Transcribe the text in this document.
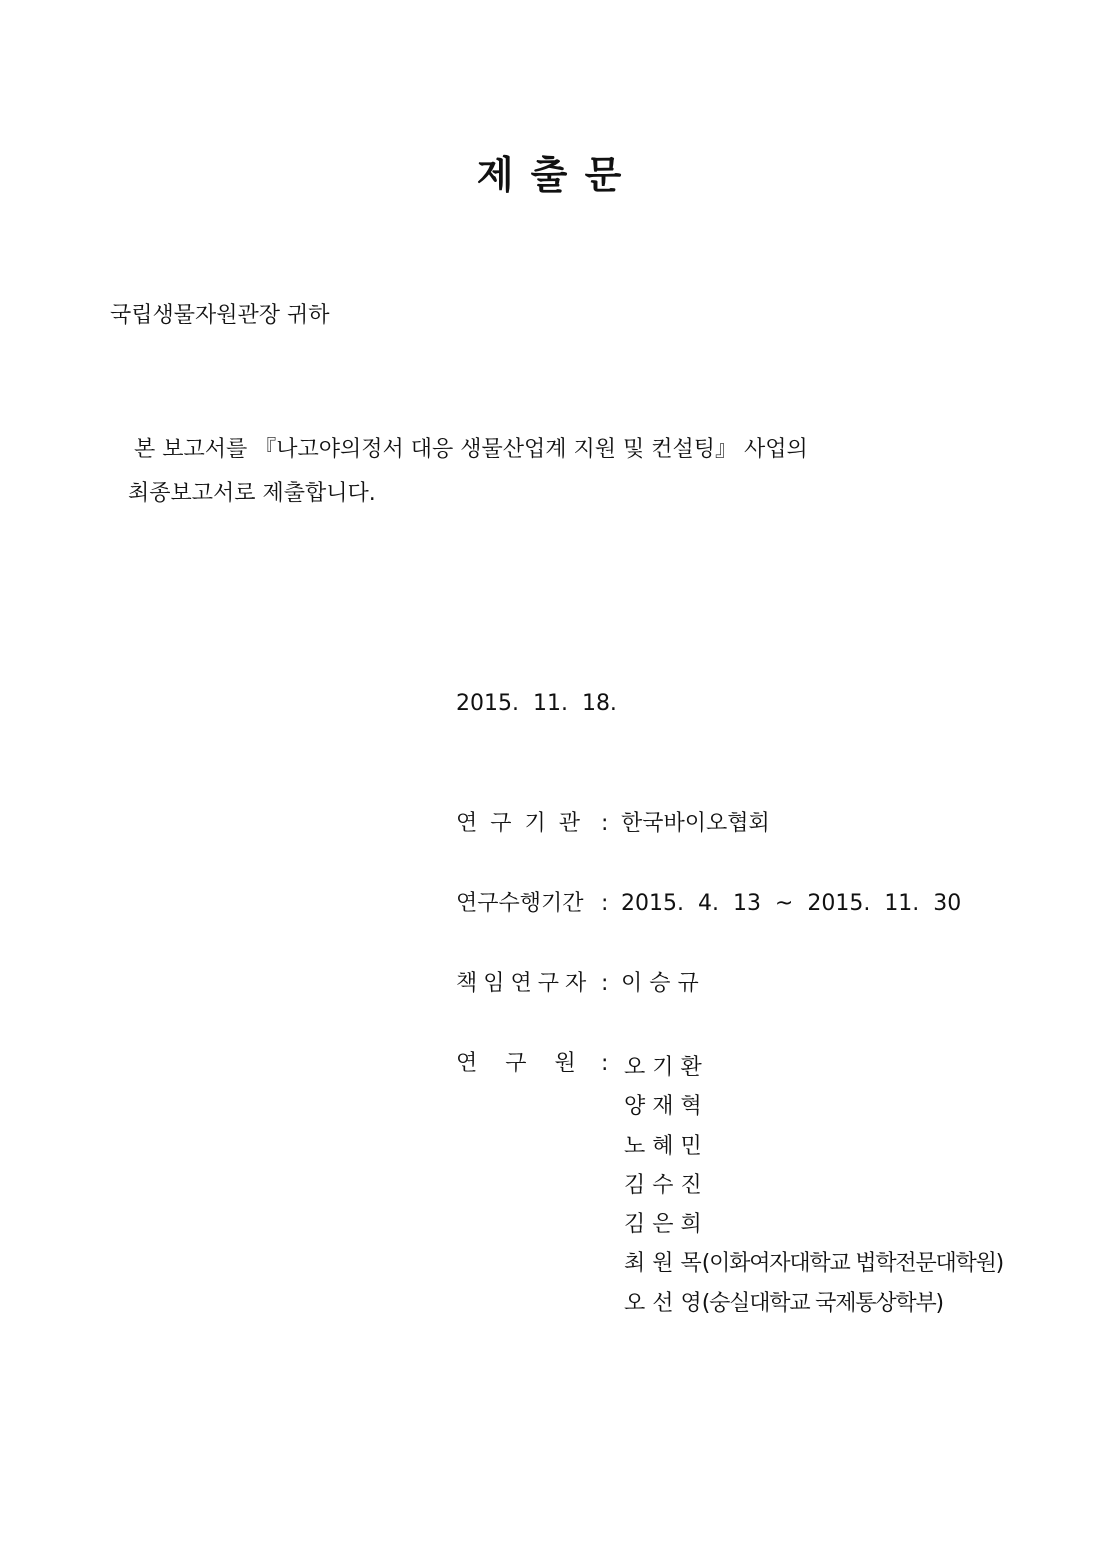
제 출 문
국립생물자원관장 귀하
본 보고서를 『나고야의정서 대응 생물산업계 지원 및 컨설팅』 사업의
최종보고서로 제출합니다.
2015.  11.  18.
연 구 기 관 : 한국바이오협회
연구수행기간 : 2015.  4.  13  ~  2015.  11.  30
책임연구자 : 이 승 규
연    구    원	: 오 기 환
양 재 혁
노 혜 민
김 수 진
김 은 희
최 원 목(이화여자대학교 법학전문대학원)
오 선 영(숭실대학교 국제통상학부)
